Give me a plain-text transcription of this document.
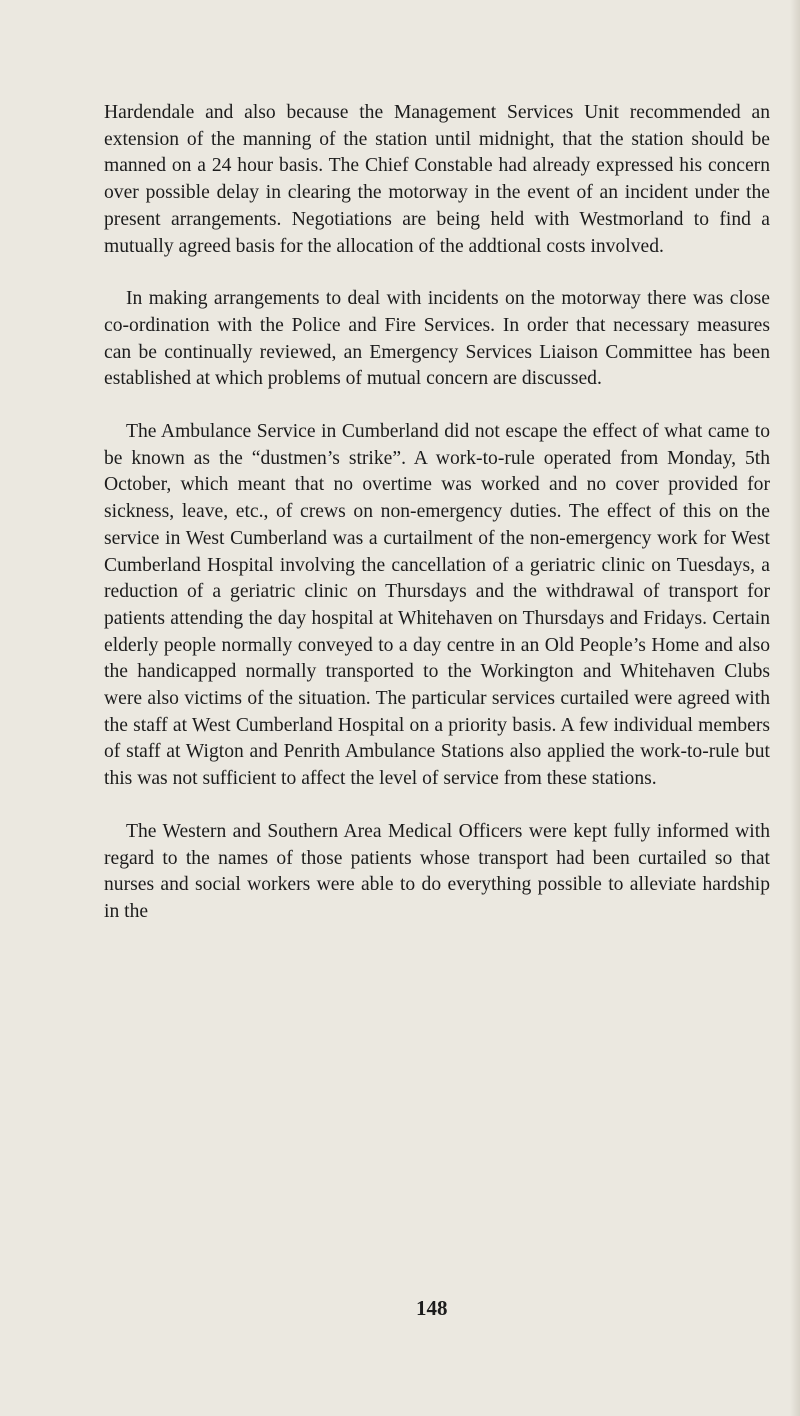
Hardendale and also because the Management Services Unit recommended an extension of the manning of the station until midnight, that the station should be manned on a 24 hour basis. The Chief Constable had already expressed his concern over possible delay in clearing the motorway in the event of an incident under the present arrangements. Negotiations are being held with Westmorland to find a mutually agreed basis for the allocation of the addtional costs involved.

In making arrangements to deal with incidents on the motorway there was close co-ordination with the Police and Fire Services. In order that necessary measures can be continually reviewed, an Emergency Services Liaison Committee has been established at which problems of mutual concern are discussed.

The Ambulance Service in Cumberland did not escape the effect of what came to be known as the “dustmen’s strike”. A work-to-rule operated from Monday, 5th October, which meant that no overtime was worked and no cover provided for sickness, leave, etc., of crews on non-emergency duties. The effect of this on the service in West Cumberland was a curtailment of the non-emergency work for West Cumberland Hospital involving the cancellation of a geriatric clinic on Tuesdays, a reduction of a geriatric clinic on Thursdays and the withdrawal of transport for patients attending the day hospital at Whitehaven on Thursdays and Fridays. Certain elderly people normally conveyed to a day centre in an Old People’s Home and also the handicapped normally transported to the Workington and Whitehaven Clubs were also victims of the situation. The particular services curtailed were agreed with the staff at West Cumberland Hospital on a priority basis. A few individual members of staff at Wigton and Penrith Ambulance Stations also applied the work-to-rule but this was not sufficient to affect the level of service from these stations.

The Western and Southern Area Medical Officers were kept fully informed with regard to the names of those patients whose transport had been curtailed so that nurses and social workers were able to do everything possible to alleviate hardship in the

148
